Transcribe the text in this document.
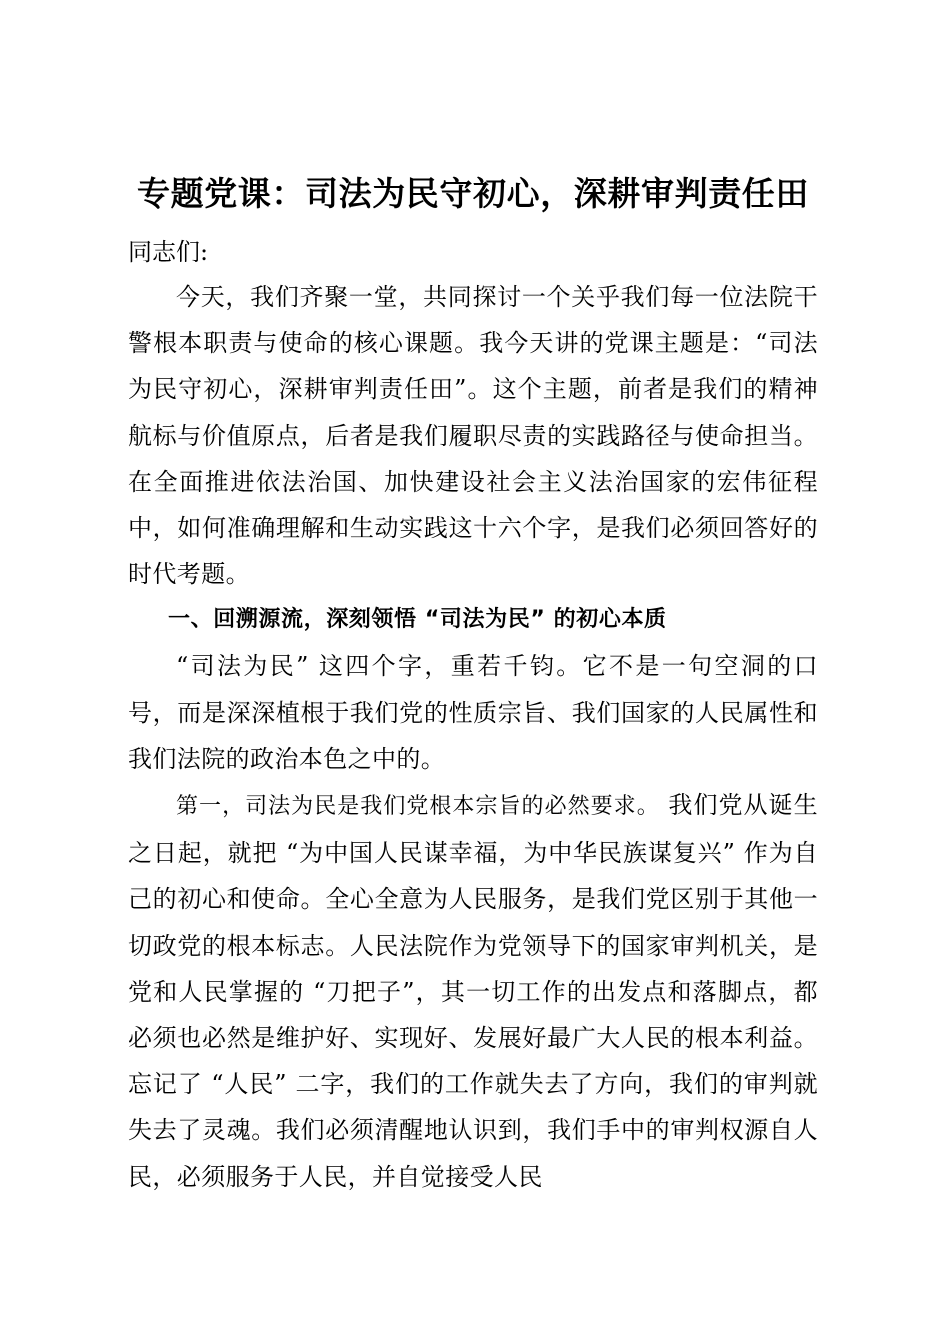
专题党课：司法为民守初心，深耕审判责任田

同志们:

今天，我们齐聚一堂，共同探讨一个关乎我们每一位法院干警根本职责与使命的核心课题。我今天讲的党课主题是：“司法为民守初心，深耕审判责任田”。这个主题，前者是我们的精神航标与价值原点，后者是我们履职尽责的实践路径与使命担当。在全面推进依法治国、加快建设社会主义法治国家的宏伟征程中，如何准确理解和生动实践这十六个字，是我们必须回答好的时代考题。

一、回溯源流，深刻领悟 “司法为民” 的初心本质

“司法为民” 这四个字，重若千钧。它不是一句空洞的口号，而是深深植根于我们党的性质宗旨、我们国家的人民属性和我们法院的政治本色之中的。

第一，司法为民是我们党根本宗旨的必然要求。 我们党从诞生之日起，就把 “为中国人民谋幸福，为中华民族谋复兴” 作为自己的初心和使命。全心全意为人民服务，是我们党区别于其他一切政党的根本标志。人民法院作为党领导下的国家审判机关，是党和人民掌握的 “刀把子”，其一切工作的出发点和落脚点，都必须也必然是维护好、实现好、发展好最广大人民的根本利益。忘记了 “人民” 二字，我们的工作就失去了方向，我们的审判就失去了灵魂。我们必须清醒地认识到，我们手中的审判权源自人民，必须服务于人民，并自觉接受人民
